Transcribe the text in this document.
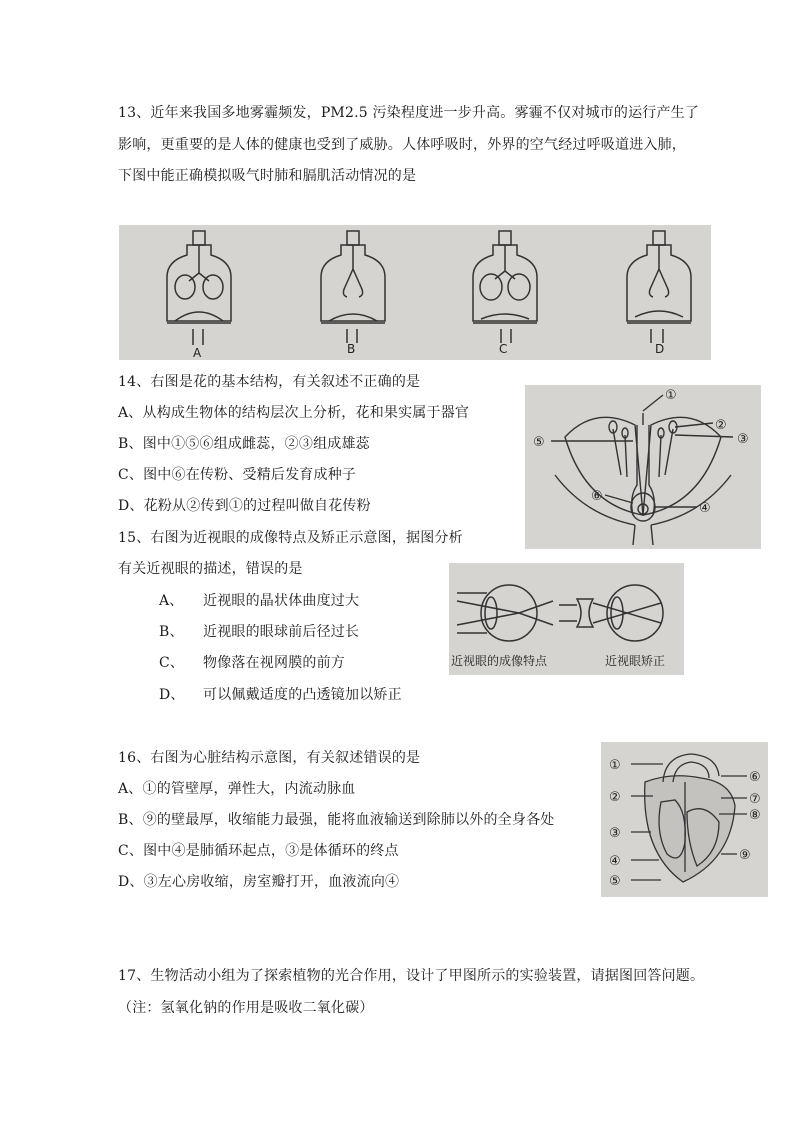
13、近年来我国多地雾霾频发，PM2.5 污染程度进一步升高。雾霾不仅对城市的运行产生了
影响，更重要的是人体的健康也受到了威胁。人体呼吸时，外界的空气经过呼吸道进入肺，
下图中能正确模拟吸气时肺和膈肌活动情况的是
A	B	C	D
14、右图是花的基本结构，有关叙述不正确的是
A、从构成生物体的结构层次上分析，花和果实属于器官
B、图中①⑤⑥组成雌蕊，②③组成雄蕊
C、图中⑥在传粉、受精后发育成种子
D、花粉从②传到①的过程叫做自花传粉
①
②
③
④
⑤
⑥
15、右图为近视眼的成像特点及矫正示意图，据图分析
有关近视眼的描述，错误的是
A、 近视眼的晶状体曲度过大
B、 近视眼的眼球前后径过长
C、 物像落在视网膜的前方
D、 可以佩戴适度的凸透镜加以矫正
近视眼的成像特点	近视眼矫正
16、右图为心脏结构示意图，有关叙述错误的是
A、①的管壁厚，弹性大，内流动脉血
B、⑨的壁最厚，收缩能力最强，能将血液输送到除肺以外的全身各处
C、图中④是肺循环起点，③是体循环的终点
D、③左心房收缩，房室瓣打开，血液流向④
①
②
③
④
⑤
⑥
⑦
⑧
⑨
17、生物活动小组为了探索植物的光合作用，设计了甲图所示的实验装置，请据图回答问题。
（注：氢氧化钠的作用是吸收二氧化碳）
